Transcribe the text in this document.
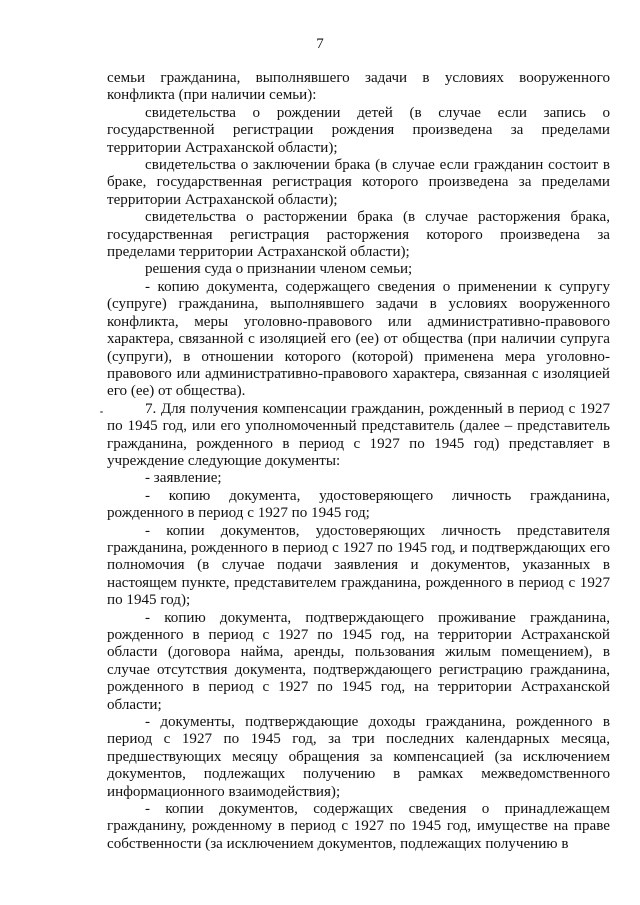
7

семьи гражданина, выполнявшего задачи в условиях вооруженного конфликта (при наличии семьи):

свидетельства о рождении детей (в случае если запись о государственной регистрации рождения произведена за пределами территории Астраханской области);

свидетельства о заключении брака (в случае если гражданин состоит в браке, государственная регистрация которого произведена за пределами территории Астраханской области);

свидетельства о расторжении брака (в случае расторжения брака, государственная регистрация расторжения которого произведена за пределами территории Астраханской области);

решения суда о признании членом семьи;

- копию документа, содержащего сведения о применении к супругу (супруге) гражданина, выполнявшего задачи в условиях вооруженного конфликта, меры уголовно-правового или административно-правового характера, связанной с изоляцией его (ее) от общества (при наличии супруга (супруги), в отношении которого (которой) применена мера уголовно-правового или административно-правового характера, связанная с изоляцией его (ее) от общества).

7. Для получения компенсации гражданин, рожденный в период с 1927 по 1945 год, или его уполномоченный представитель (далее – представитель гражданина, рожденного в период с 1927 по 1945 год) представляет в учреждение следующие документы:

- заявление;

- копию документа, удостоверяющего личность гражданина, рожденного в период с 1927 по 1945 год;

- копии документов, удостоверяющих личность представителя гражданина, рожденного в период с 1927 по 1945 год, и подтверждающих его полномочия (в случае подачи заявления и документов, указанных в настоящем пункте, представителем гражданина, рожденного в период с 1927 по 1945 год);

- копию документа, подтверждающего проживание гражданина, рожденного в период с 1927 по 1945 год, на территории Астраханской области (договора найма, аренды, пользования жилым помещением), в случае отсутствия документа, подтверждающего регистрацию гражданина, рожденного в период с 1927 по 1945 год, на территории Астраханской области;

- документы, подтверждающие доходы гражданина, рожденного в период с 1927 по 1945 год, за три последних календарных месяца, предшествующих месяцу обращения за компенсацией (за исключением документов, подлежащих получению в рамках межведомственного информационного взаимодействия);

- копии документов, содержащих сведения о принадлежащем гражданину, рожденному в период с 1927 по 1945 год, имуществе на праве собственности (за исключением документов, подлежащих получению в
